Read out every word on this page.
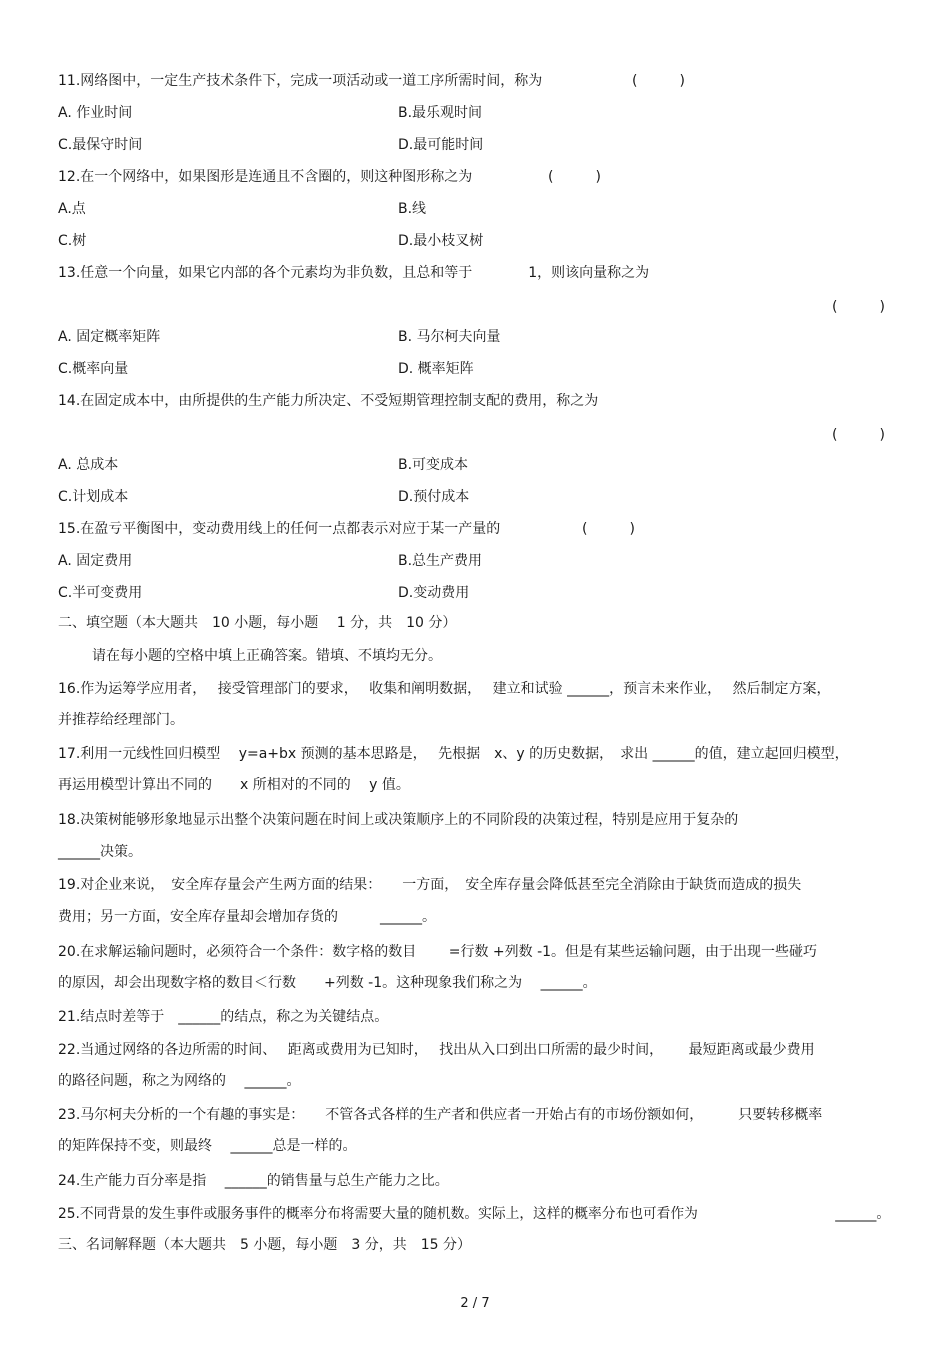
11.网络图中，一定生产技术条件下，完成一项活动或一道工序所需时间，称为	(　　　)
A. 作业时间	B.最乐观时间
C.最保守时间	D.最可能时间
12.在一个网络中，如果图形是连通且不含圈的，则这种图形称之为	(　　　)
A.点	B.线
C.树	D.最小枝叉树
13.任意一个向量，如果它内部的各个元素均为非负数，且总和等于　　　　1，则该向量称之为
(　　　)
A. 固定概率矩阵	B. 马尔柯夫向量
C.概率向量	D. 概率矩阵
14.在固定成本中，由所提供的生产能力所决定、不受短期管理控制支配的费用，称之为
(　　　)
A. 总成本	B.可变成本
C.计划成本	D.预付成本
15.在盈亏平衡图中，变动费用线上的任何一点都表示对应于某一产量的	(　　　)
A. 固定费用	B.总生产费用
C.半可变费用	D.变动费用
二、填空题（本大题共　10 小题，每小题　 1 分，共　10 分）
请在每小题的空格中填上正确答案。错填、不填均无分。
16.作为运筹学应用者，　 接受管理部门的要求，　 收集和阐明数据，　 建立和试验 ______，预言未来作业，　 然后制定方案，
并推荐给经理部门。
17.利用一元线性回归模型　 y=a+bx 预测的基本思路是，　 先根据　x、y 的历史数据，　求出 ______的值，建立起回归模型，
再运用模型计算出不同的　　x 所相对的不同的　 y 值。
18.决策树能够形象地显示出整个决策问题在时间上或决策顺序上的不同阶段的决策过程，特别是应用于复杂的
______决策。
19.对企业来说，　安全库存量会产生两方面的结果：　　一方面，　安全库存量会降低甚至完全消除由于缺货而造成的损失
费用；另一方面，安全库存量却会增加存货的　　　______。
20.在求解运输问题时，必须符合一个条件：数字格的数目　　 =行数 +列数 -1。但是有某些运输问题，由于出现一些碰巧
的原因，却会出现数字格的数目＜行数　　+列数 -1。这种现象我们称之为　 ______。
21.结点时差等于　______的结点，称之为关键结点。
22.当通过网络的各边所需的时间、　 距离或费用为已知时，　 找出从入口到出口所需的最少时间，　　 最短距离或最少费用
的路径问题，称之为网络的　 ______。
23.马尔柯夫分析的一个有趣的事实是：　　不管各式各样的生产者和供应者一开始占有的市场份额如何，　　　只要转移概率
的矩阵保持不变，则最终　 ______总是一样的。
24.生产能力百分率是指　 ______的销售量与总生产能力之比。
25.不同背景的发生事件或服务事件的概率分布将需要大量的随机数。实际上，这样的概率分布也可看作为　　　　　　　　　　______。
三、名词解释题（本大题共　5 小题，每小题　3 分，共　15 分）
2 / 7
